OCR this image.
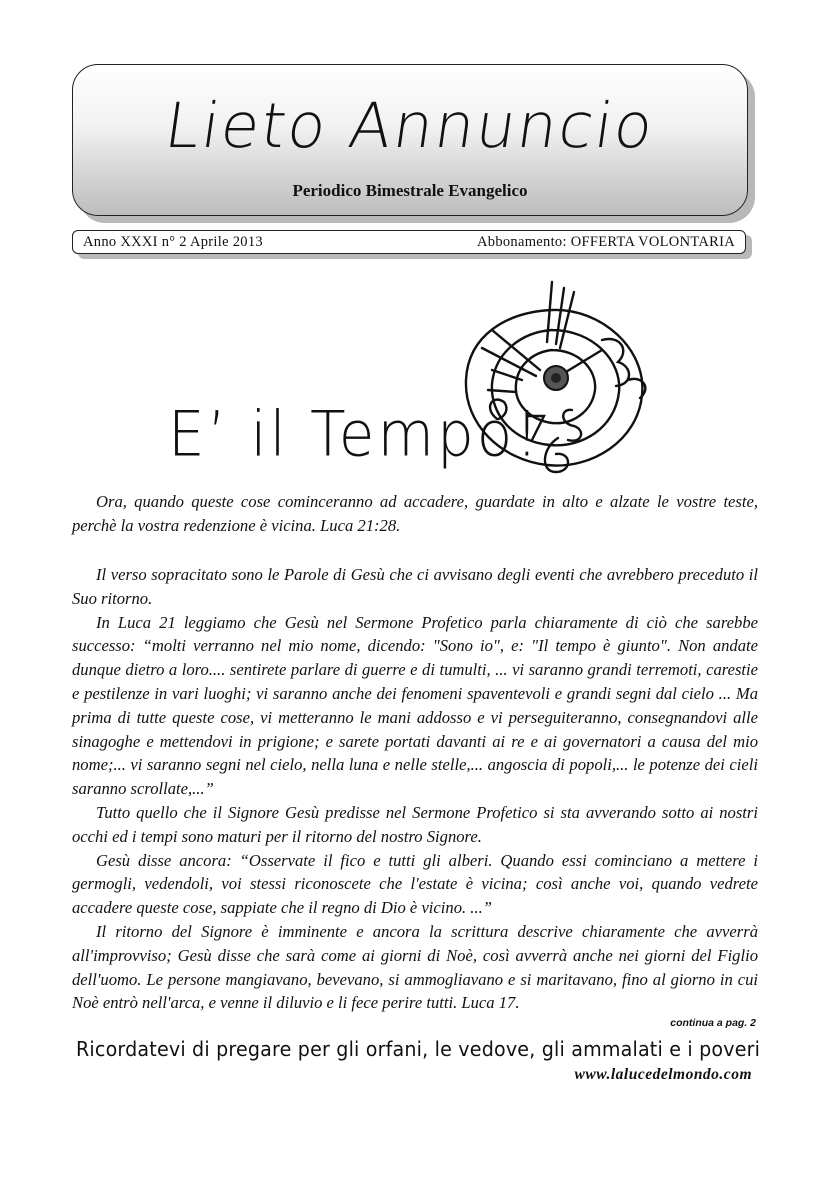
Lieto Annuncio
Periodico Bimestrale Evangelico
Anno XXXI n° 2 Aprile 2013	Abbonamento: OFFERTA VOLONTARIA
E’ il Tempo!

Ora, quando queste cose cominceranno ad accadere, guardate in alto e alzate le vostre teste, perchè la vostra redenzione è vicina. Luca 21:28.

Il verso sopracitato sono le Parole di Gesù che ci avvisano degli eventi che avrebbero preceduto il Suo ritorno.

In Luca 21 leggiamo che Gesù nel Sermone Profetico parla chiaramente di ciò che sarebbe successo: “molti verranno nel mio nome, dicendo: "Sono io", e: "Il tempo è giunto". Non andate dunque dietro a loro.... sentirete parlare di guerre e di tumulti, ... vi saranno grandi terremoti, carestie e pestilenze in vari luoghi; vi saranno anche dei fenomeni spaventevoli e grandi segni dal cielo ... Ma prima di tutte queste cose, vi metteranno le mani addosso e vi perseguiteranno, consegnandovi alle sinagoghe e mettendovi in prigione; e sarete portati davanti ai re e ai governatori a causa del mio nome;... vi saranno segni nel cielo, nella luna e nelle stelle,... angoscia di popoli,... le potenze dei cieli saranno scrollate,...”

Tutto quello che il Signore Gesù predisse nel Sermone Profetico si sta avverando sotto ai nostri occhi ed i tempi sono maturi per il ritorno del nostro Signore.

Gesù disse ancora: “Osservate il fico e tutti gli alberi. Quando essi cominciano a mettere i germogli, vedendoli, voi stessi riconoscete che l'estate è vicina; così anche voi, quando vedrete accadere queste cose, sappiate che il regno di Dio è vicino. ...”

Il ritorno del Signore è imminente e ancora la scrittura descrive chiaramente che avverrà all'improvviso; Gesù disse che sarà come ai giorni di Noè, così avverrà anche nei giorni del Figlio dell'uomo. Le persone mangiavano, bevevano, si ammogliavano e si maritavano, fino al giorno in cui Noè entrò nell'arca, e venne il diluvio e li fece perire tutti. Luca 17.

continua a pag. 2
Ricordatevi di pregare per gli orfani, le vedove, gli ammalati e i poveri
www.lalucedelmondo.com
